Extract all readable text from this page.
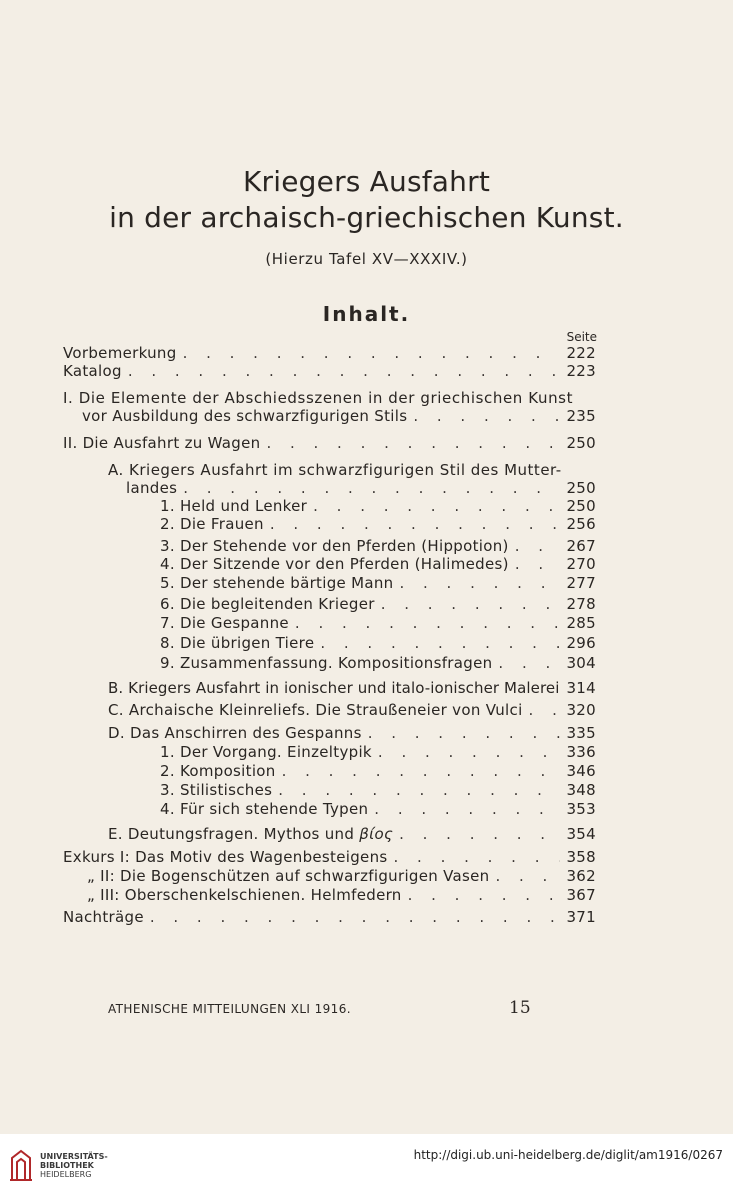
Kriegers Ausfahrt
in der archaisch-griechischen Kunst.
(Hierzu Tafel XV—XXXIV.)
Inhalt.
Seite
Vorbemerkung . . .	222
Katalog . . .	223
I. Die Elemente der Abschiedsszenen in der griechischen Kunst
vor Ausbildung des schwarzfigurigen Stils . . .	235
II. Die Ausfahrt zu Wagen . . .	250
A. Kriegers Ausfahrt im schwarzfigurigen Stil des Mutter-
landes . . .	250
1. Held und Lenker . . .	250
2. Die Frauen . . .	256
3. Der Stehende vor den Pferden (Hippotion) . . .	267
4. Der Sitzende vor den Pferden (Halimedes) . . .	270
5. Der stehende bärtige Mann . . .	277
6. Die begleitenden Krieger . . .	278
7. Die Gespanne . . .	285
8. Die übrigen Tiere . . .	296
9. Zusammenfassung. Kompositionsfragen . . .	304
B. Kriegers Ausfahrt in ionischer und italo-ionischer Malerei 314
C. Archaische Kleinreliefs. Die Straußeneier von Vulci . . .	320
D. Das Anschirren des Gespanns . . .	335
1. Der Vorgang. Einzeltypik . . .	336
2. Komposition . . .	346
3. Stilistisches . . .	348
4. Für sich stehende Typen . . .	353
E. Deutungsfragen. Mythos und βίος . . .	354
Exkurs I: Das Motiv des Wagenbesteigens . . .	358
„ II: Die Bogenschützen auf schwarzfigurigen Vasen . . .	362
„ III: Oberschenkelschienen. Helmfedern . . .	367
Nachträge . . .	371
ATHENISCHE MITTEILUNGEN XLI 1916.	15
UNIVERSITÄTS-
BIBLIOTHEK
HEIDELBERG
http://digi.ub.uni-heidelberg.de/diglit/am1916/0267
